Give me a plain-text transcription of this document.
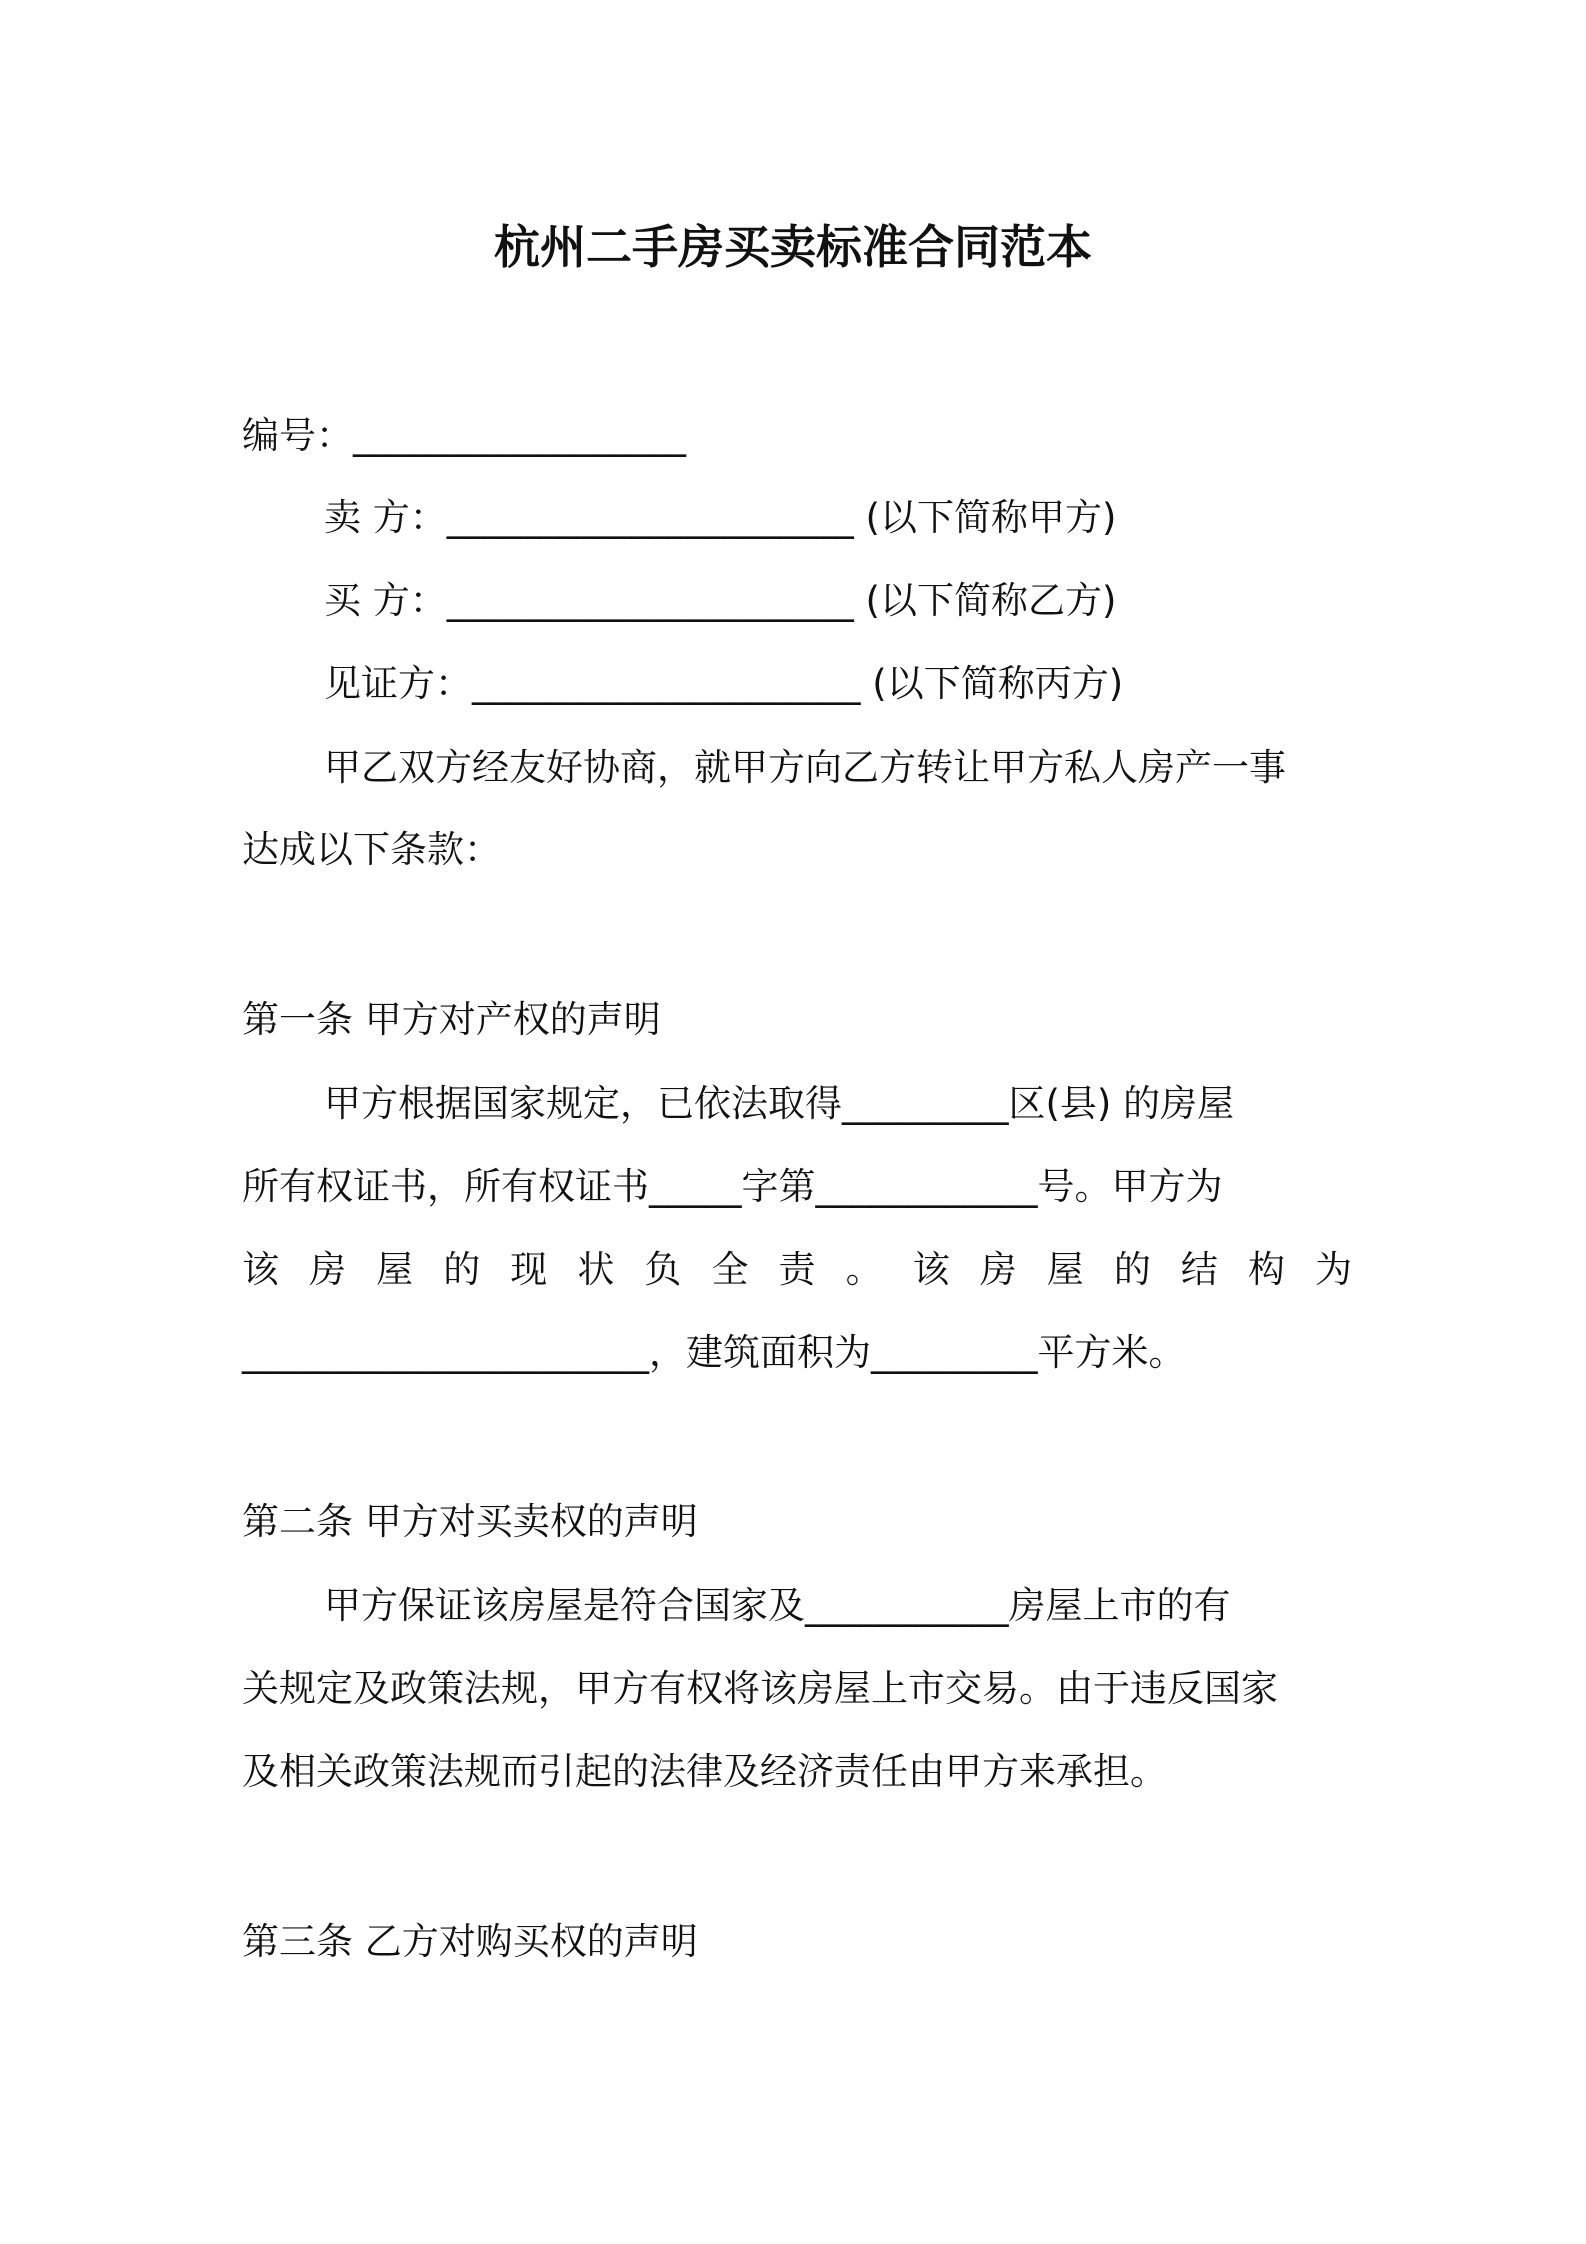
杭州二手房买卖标准合同范本
编号：__________________
卖 方：______________________ (以下简称甲方)
买 方：______________________ (以下简称乙方)
见证方：_____________________ (以下简称丙方)
甲乙双方经友好协商，就甲方向乙方转让甲方私人房产一事
达成以下条款：
第一条 甲方对产权的声明
甲方根据国家规定，已依法取得_________区(县) 的房屋
所有权证书，所有权证书_____字第____________号。甲方为
该 房 屋 的 现 状 负 全 责 。 该 房 屋 的 结 构 为
______________________，建筑面积为_________平方米。
第二条 甲方对买卖权的声明
甲方保证该房屋是符合国家及___________房屋上市的有
关规定及政策法规，甲方有权将该房屋上市交易。由于违反国家
及相关政策法规而引起的法律及经济责任由甲方来承担。
第三条 乙方对购买权的声明
